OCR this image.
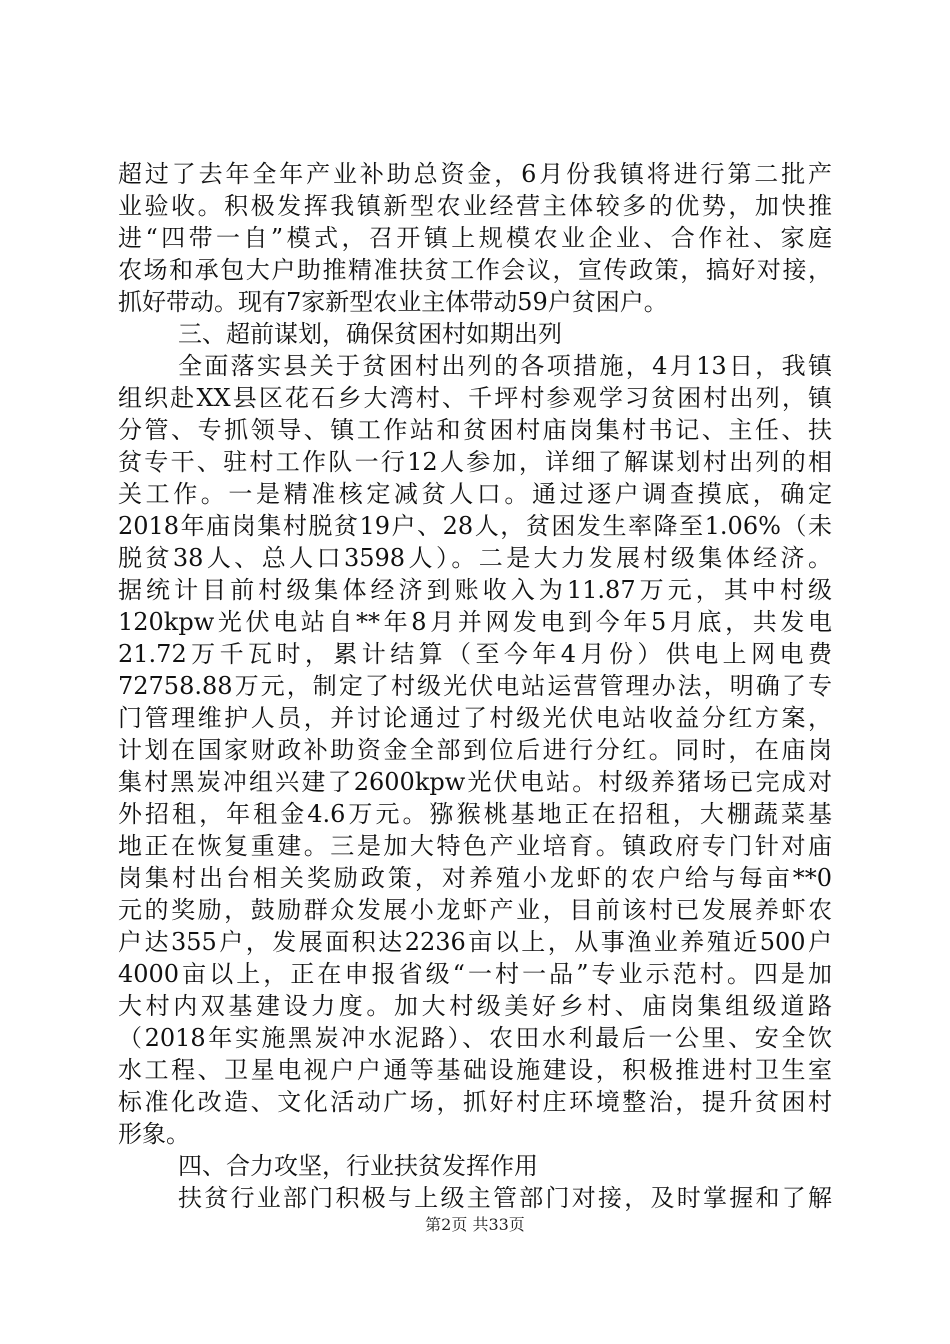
超过了去年全年产业补助总资金，6月份我镇将进行第二批产
业验收。积极发挥我镇新型农业经营主体较多的优势，加快推
进“四带一自”模式，召开镇上规模农业企业、合作社、家庭
农场和承包大户助推精准扶贫工作会议，宣传政策，搞好对接，
抓好带动。现有7家新型农业主体带动59户贫困户。
三、超前谋划，确保贫困村如期出列
全面落实县关于贫困村出列的各项措施，4月13日，我镇
组织赴XX县区花石乡大湾村、千坪村参观学习贫困村出列，镇
分管、专抓领导、镇工作站和贫困村庙岗集村书记、主任、扶
贫专干、驻村工作队一行12人参加，详细了解谋划村出列的相
关工作。一是精准核定减贫人口。通过逐户调查摸底，确定
2018年庙岗集村脱贫19户、28人，贫困发生率降至1.06%（未
脱贫38人、总人口3598人）。二是大力发展村级集体经济。
据统计目前村级集体经济到账收入为11.87万元，其中村级
120kpw光伏电站自**年8月并网发电到今年5月底，共发电
21.72万千瓦时，累计结算（至今年4月份）供电上网电费
72758.88万元，制定了村级光伏电站运营管理办法，明确了专
门管理维护人员，并讨论通过了村级光伏电站收益分红方案，
计划在国家财政补助资金全部到位后进行分红。同时，在庙岗
集村黑炭冲组兴建了2600kpw光伏电站。村级养猪场已完成对
外招租，年租金4.6万元。猕猴桃基地正在招租，大棚蔬菜基
地正在恢复重建。三是加大特色产业培育。镇政府专门针对庙
岗集村出台相关奖励政策，对养殖小龙虾的农户给与每亩**0
元的奖励，鼓励群众发展小龙虾产业，目前该村已发展养虾农
户达355户，发展面积达2236亩以上，从事渔业养殖近500户
4000亩以上，正在申报省级“一村一品”专业示范村。四是加
大村内双基建设力度。加大村级美好乡村、庙岗集组级道路
（2018年实施黑炭冲水泥路）、农田水利最后一公里、安全饮
水工程、卫星电视户户通等基础设施建设，积极推进村卫生室
标准化改造、文化活动广场，抓好村庄环境整治，提升贫困村
形象。
四、合力攻坚，行业扶贫发挥作用
扶贫行业部门积极与上级主管部门对接，及时掌握和了解
第2页 共33页
